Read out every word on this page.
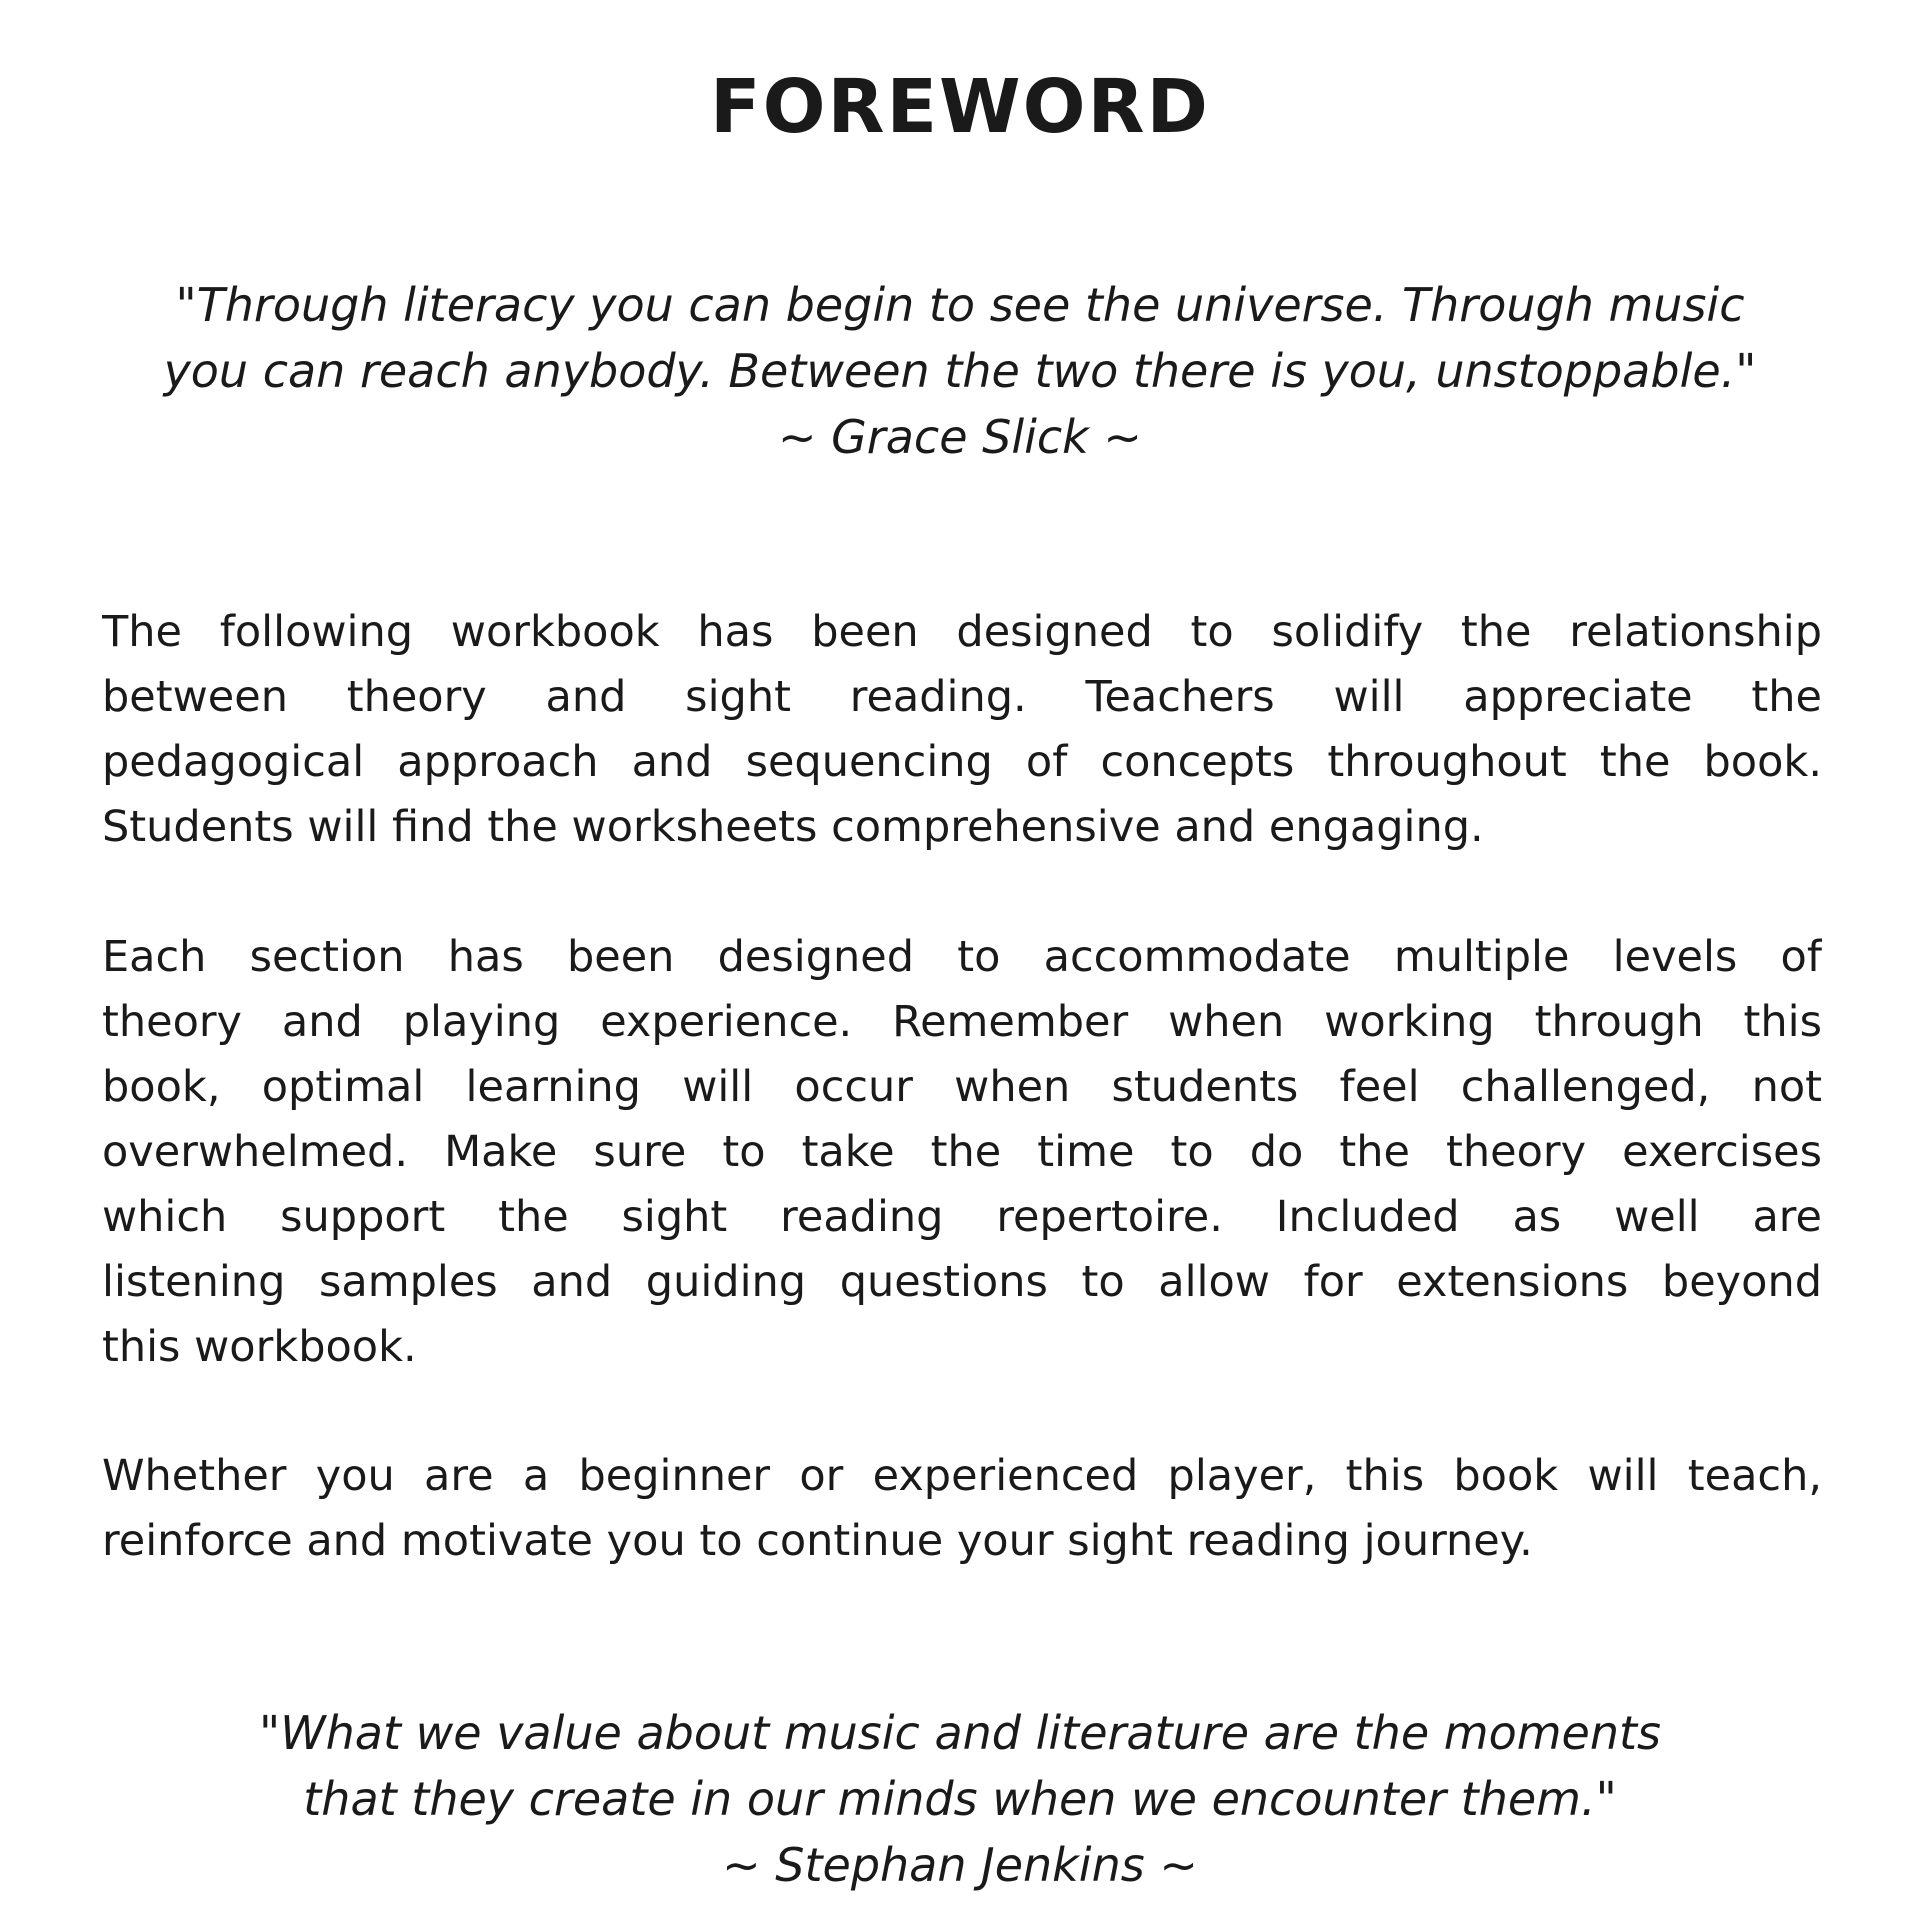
FOREWORD

"Through literacy you can begin to see the universe. Through music

you can reach anybody. Between the two there is you, unstoppable."

~ Grace Slick ~

The following workbook has been designed to solidify the relationship
between theory and sight reading. Teachers will appreciate the
pedagogical approach and sequencing of concepts throughout the book.
Students will find the worksheets comprehensive and engaging.
Each section has been designed to accommodate multiple levels of
theory and playing experience. Remember when working through this
book, optimal learning will occur when students feel challenged, not
overwhelmed. Make sure to take the time to do the theory exercises
which support the sight reading repertoire. Included as well are
listening samples and guiding questions to allow for extensions beyond
this workbook.
Whether you are a beginner or experienced player, this book will teach,
reinforce and motivate you to continue your sight reading journey.

"What we value about music and literature are the moments

that they create in our minds when we encounter them."

~ Stephan Jenkins ~
